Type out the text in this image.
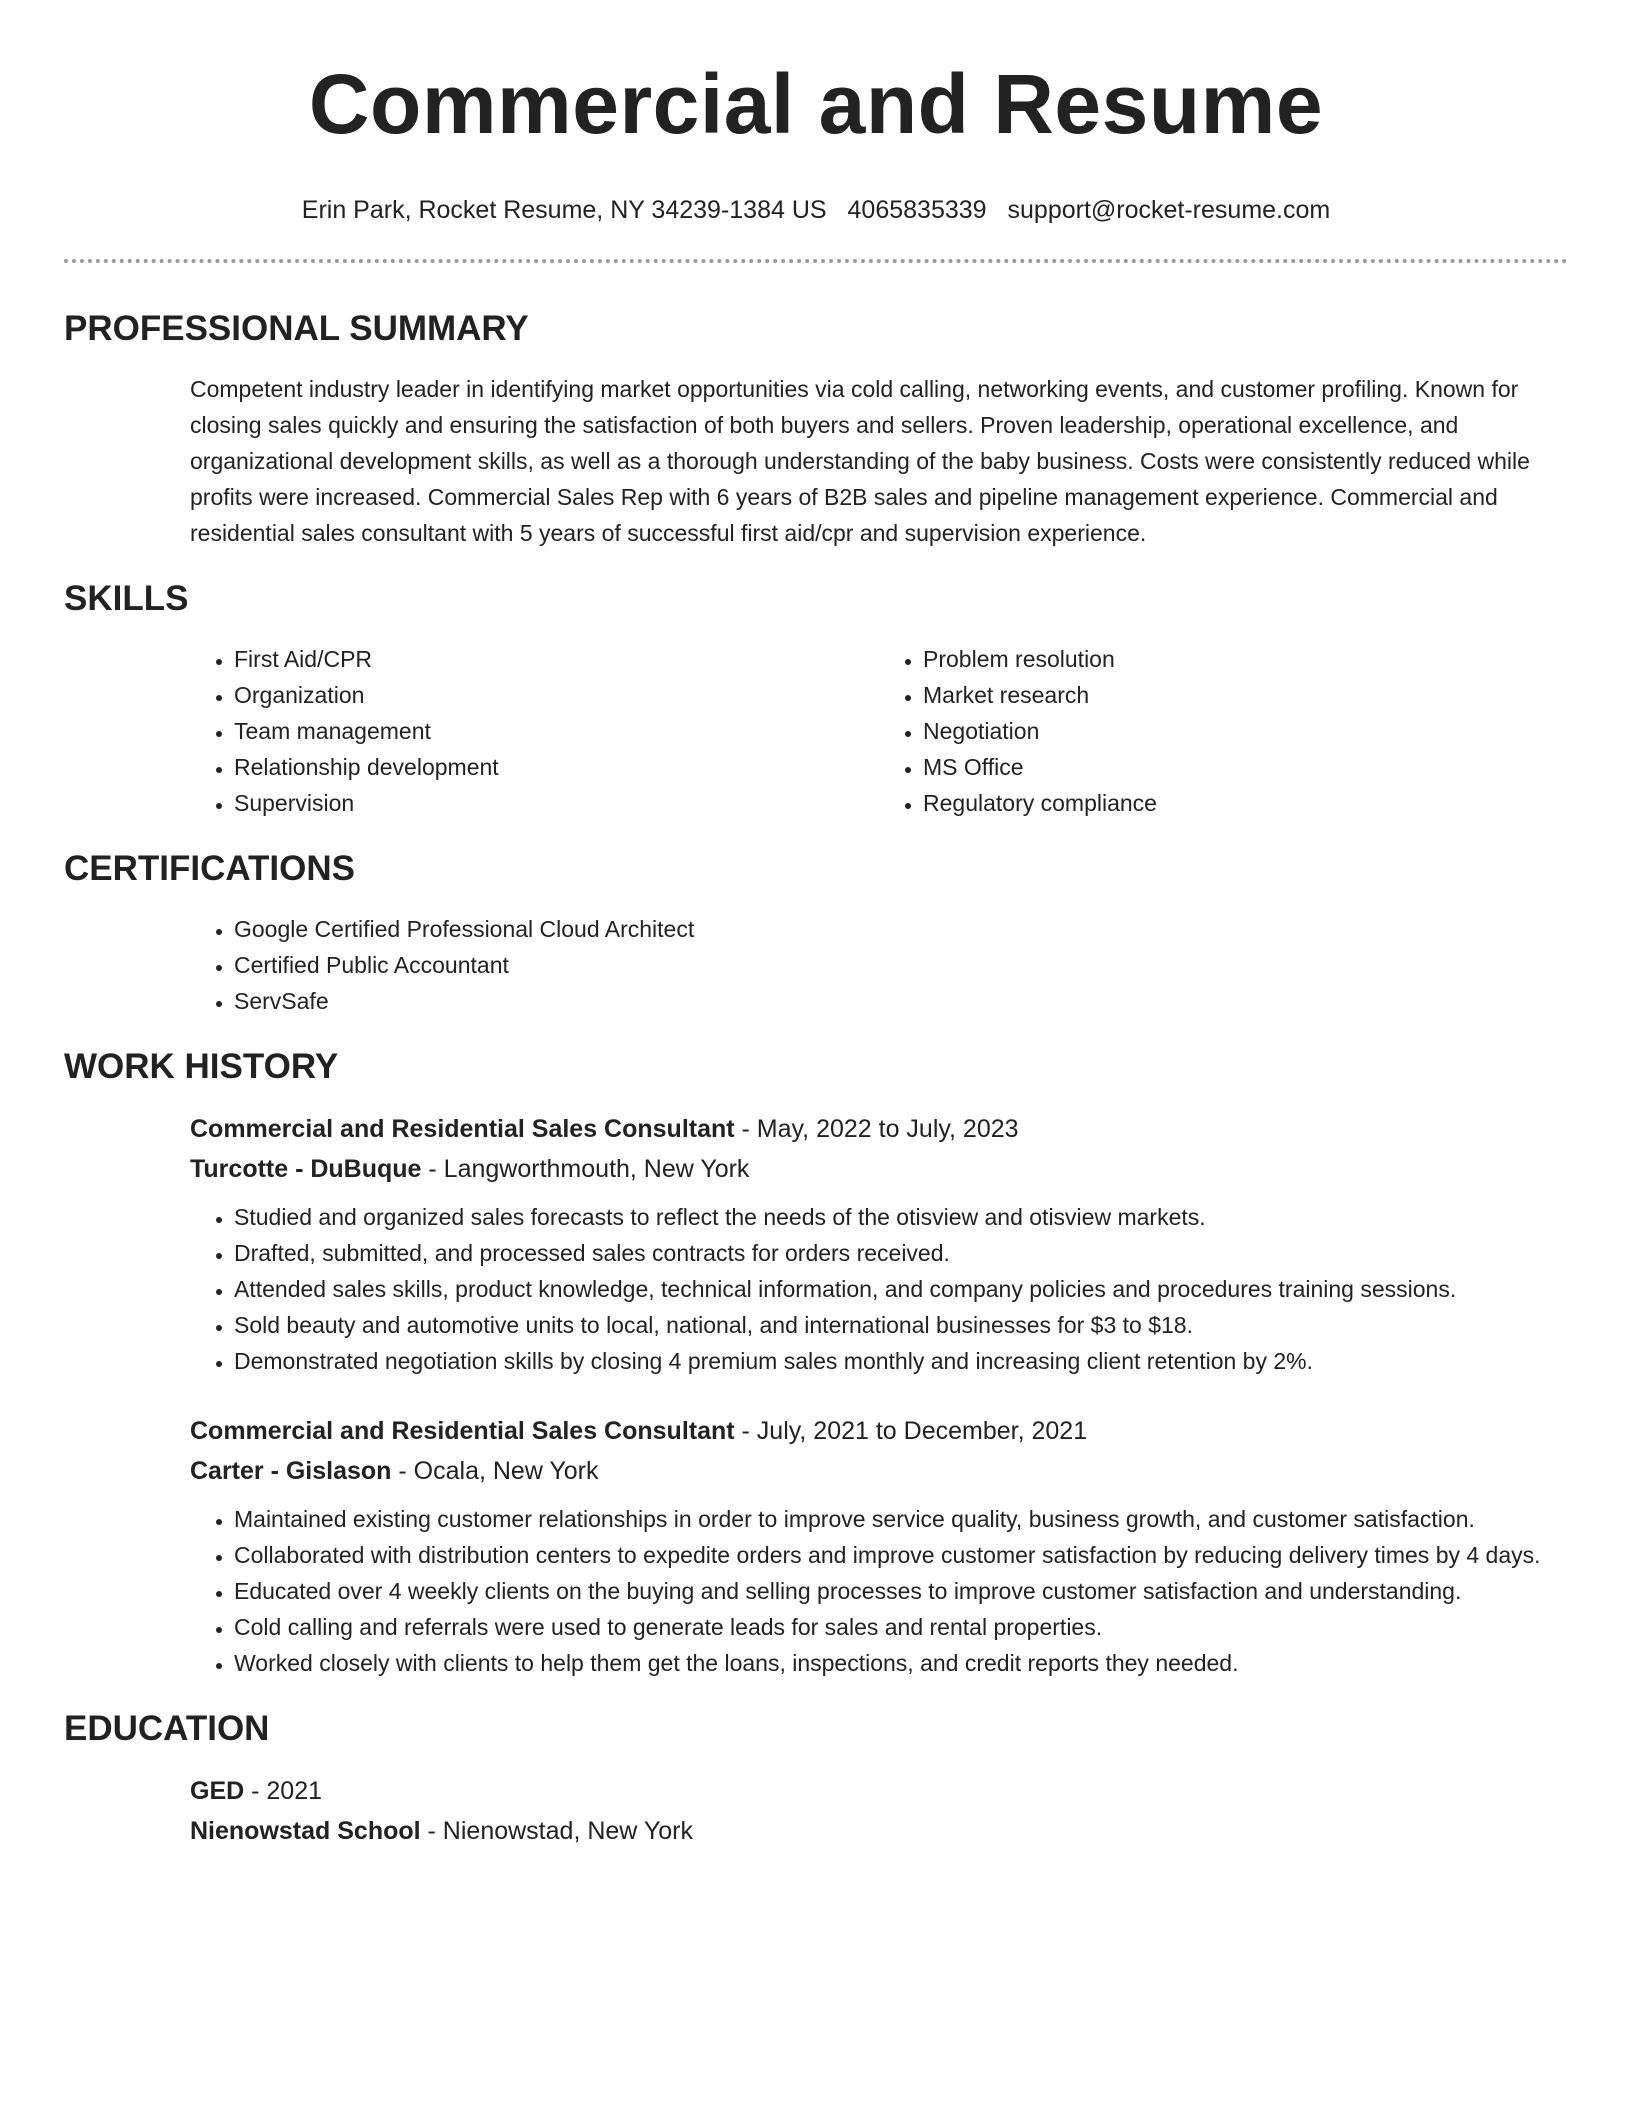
Commercial and Resume
Erin Park, Rocket Resume, NY 34239-1384 US 4065835339 support@rocket-resume.com
PROFESSIONAL SUMMARY
Competent industry leader in identifying market opportunities via cold calling, networking events, and customer profiling. Known for closing sales quickly and ensuring the satisfaction of both buyers and sellers. Proven leadership, operational excellence, and organizational development skills, as well as a thorough understanding of the baby business. Costs were consistently reduced while profits were increased. Commercial Sales Rep with 6 years of B2B sales and pipeline management experience. Commercial and residential sales consultant with 5 years of successful first aid/cpr and supervision experience.
SKILLS
• First Aid/CPR
• Organization
• Team management
• Relationship development
• Supervision
• Problem resolution
• Market research
• Negotiation
• MS Office
• Regulatory compliance
CERTIFICATIONS
• Google Certified Professional Cloud Architect
• Certified Public Accountant
• ServSafe
WORK HISTORY
Commercial and Residential Sales Consultant - May, 2022 to July, 2023
Turcotte - DuBuque - Langworthmouth, New York
• Studied and organized sales forecasts to reflect the needs of the otisview and otisview markets.
• Drafted, submitted, and processed sales contracts for orders received.
• Attended sales skills, product knowledge, technical information, and company policies and procedures training sessions.
• Sold beauty and automotive units to local, national, and international businesses for $3 to $18.
• Demonstrated negotiation skills by closing 4 premium sales monthly and increasing client retention by 2%.
Commercial and Residential Sales Consultant - July, 2021 to December, 2021
Carter - Gislason - Ocala, New York
• Maintained existing customer relationships in order to improve service quality, business growth, and customer satisfaction.
• Collaborated with distribution centers to expedite orders and improve customer satisfaction by reducing delivery times by 4 days.
• Educated over 4 weekly clients on the buying and selling processes to improve customer satisfaction and understanding.
• Cold calling and referrals were used to generate leads for sales and rental properties.
• Worked closely with clients to help them get the loans, inspections, and credit reports they needed.
EDUCATION
GED - 2021
Nienowstad School - Nienowstad, New York
